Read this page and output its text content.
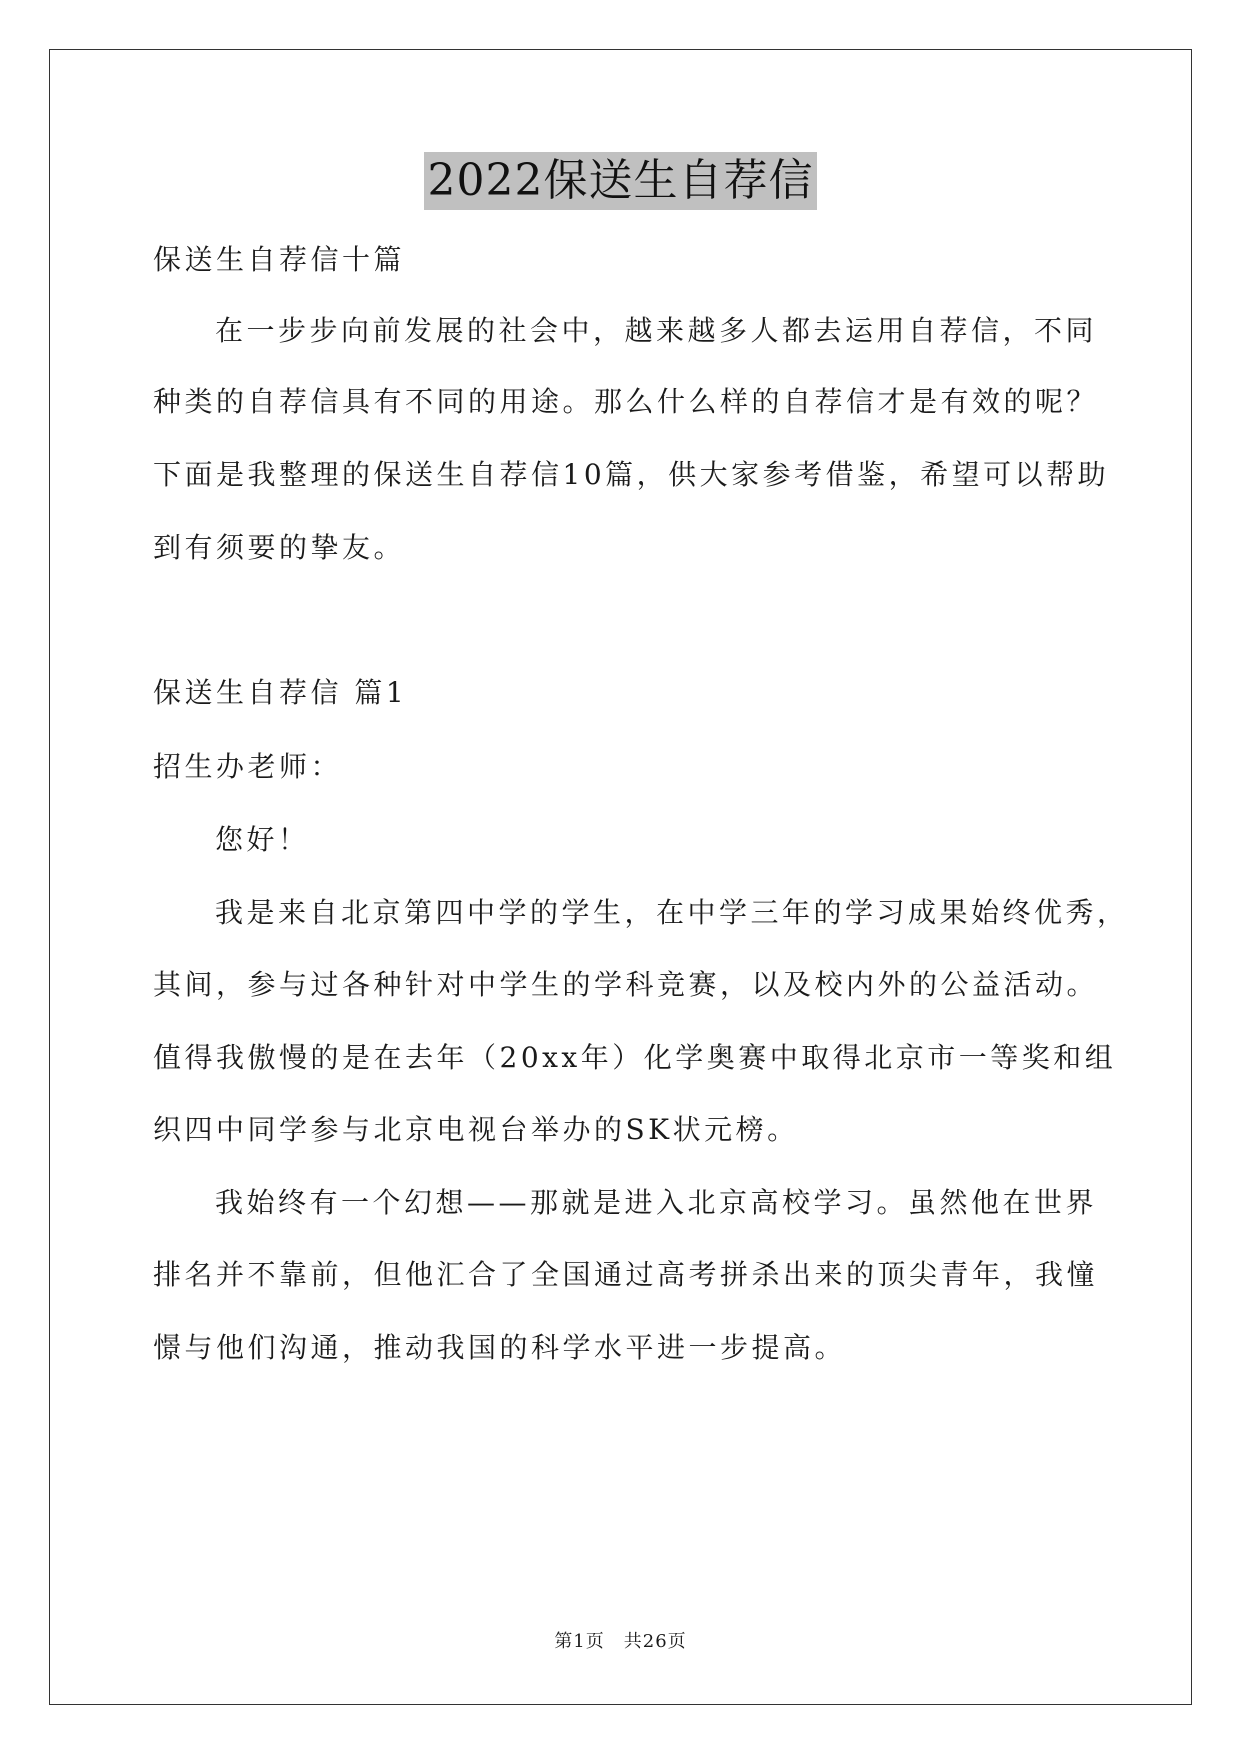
2022保送生自荐信
保送生自荐信十篇
在一步步向前发展的社会中，越来越多人都去运用自荐信，不同
种类的自荐信具有不同的用途。那么什么样的自荐信才是有效的呢？
下面是我整理的保送生自荐信10篇，供大家参考借鉴，希望可以帮助
到有须要的挚友。
保送生自荐信 篇1
招生办老师：
您好！
我是来自北京第四中学的学生，在中学三年的学习成果始终优秀，
其间，参与过各种针对中学生的学科竞赛，以及校内外的公益活动。
值得我傲慢的是在去年（20xx年）化学奥赛中取得北京市一等奖和组
织四中同学参与北京电视台举办的SK状元榜。
我始终有一个幻想——那就是进入北京高校学习。虽然他在世界
排名并不靠前，但他汇合了全国通过高考拼杀出来的顶尖青年，我憧
憬与他们沟通，推动我国的科学水平进一步提高。
第1页　共26页
